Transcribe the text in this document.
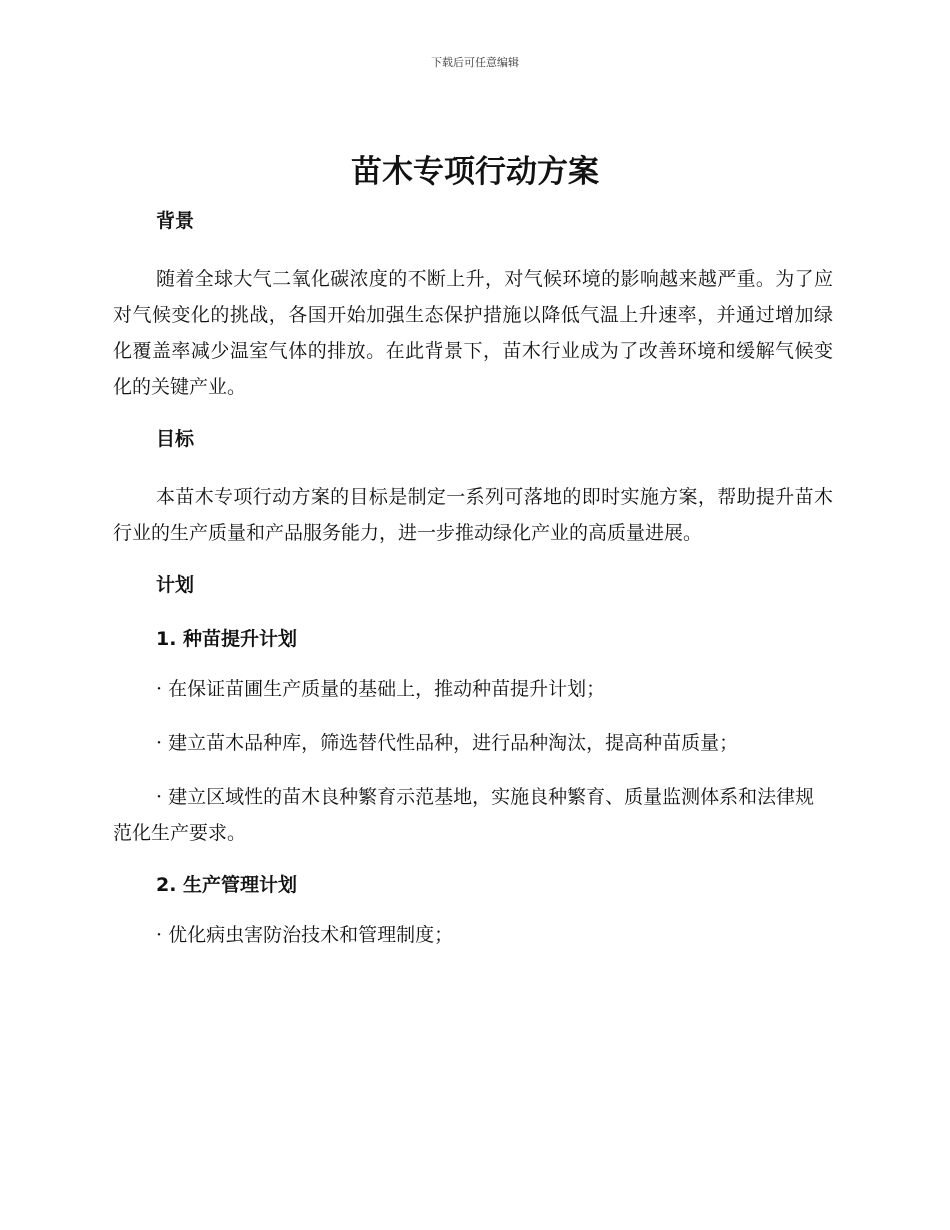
下载后可任意编辑
苗木专项行动方案

背景

随着全球大气二氧化碳浓度的不断上升，对气候环境的影响越来越严重。为了应对气候变化的挑战，各国开始加强生态保护措施以降低气温上升速率，并通过增加绿化覆盖率减少温室气体的排放。在此背景下，苗木行业成为了改善环境和缓解气候变化的关键产业。

目标

本苗木专项行动方案的目标是制定一系列可落地的即时实施方案，帮助提升苗木行业的生产质量和产品服务能力，进一步推动绿化产业的高质量进展。

计划

1. 种苗提升计划

· 在保证苗圃生产质量的基础上，推动种苗提升计划；

· 建立苗木品种库，筛选替代性品种，进行品种淘汰，提高种苗质量；

· 建立区域性的苗木良种繁育示范基地，实施良种繁育、质量监测体系和法律规范化生产要求。

2. 生产管理计划

· 优化病虫害防治技术和管理制度；
